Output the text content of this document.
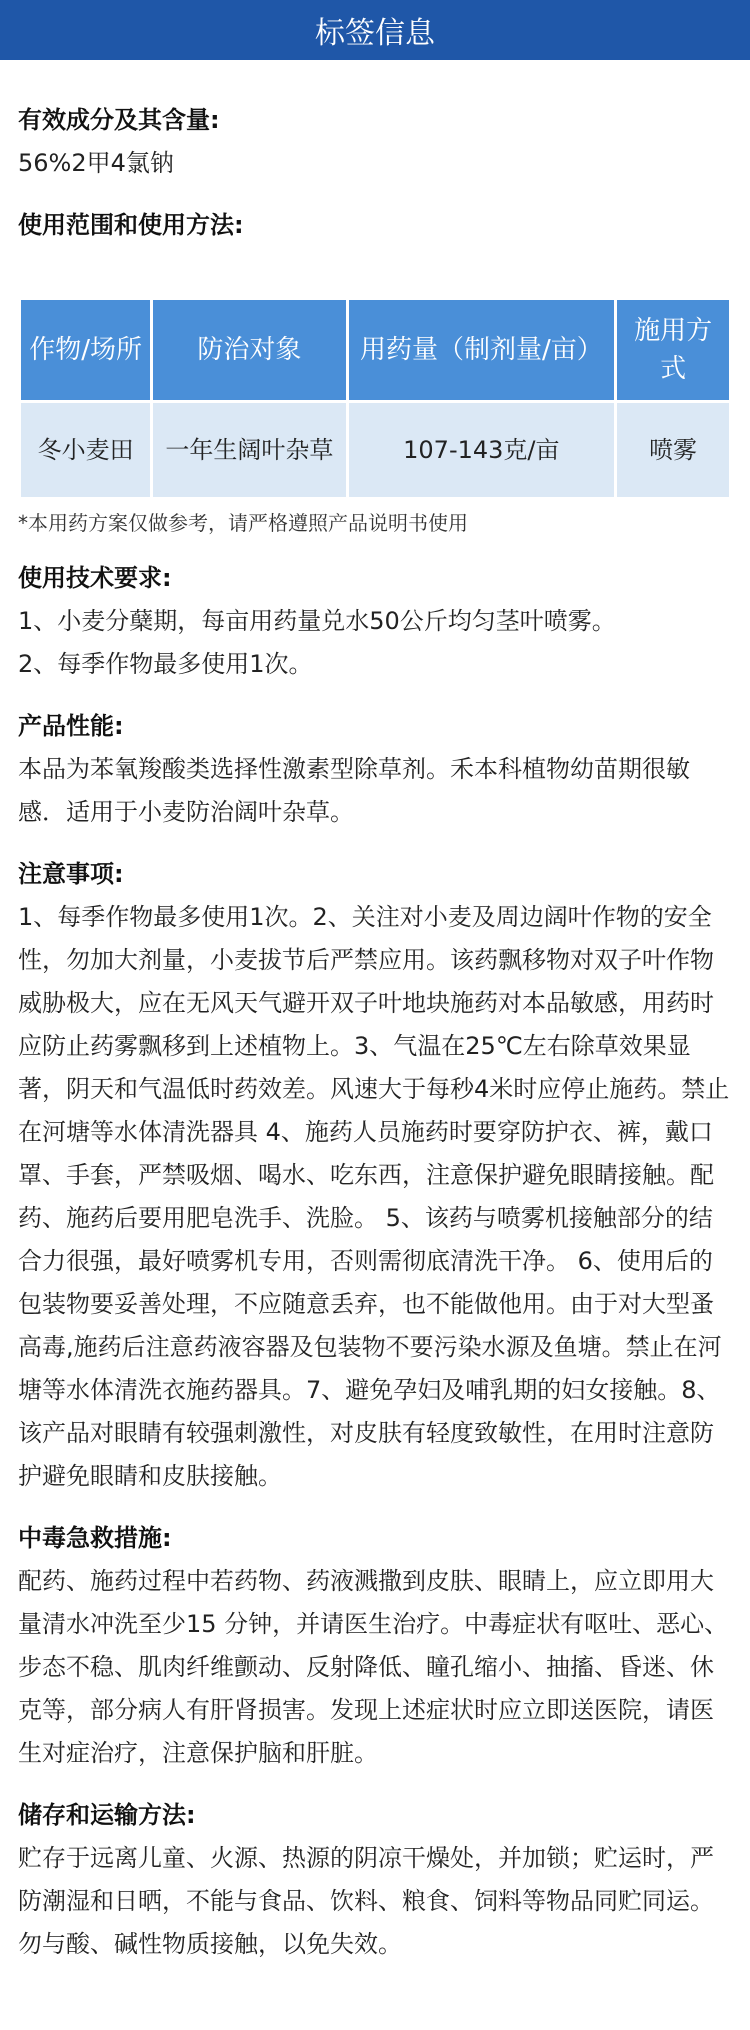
标签信息

有效成分及其含量:

56%2甲4氯钠

使用范围和使用方法:

作物/场所	防治对象	用药量（制剂量/亩）	施用方式
冬小麦田	一年生阔叶杂草	107-143克/亩	喷雾

*本用药方案仅做参考，请严格遵照产品说明书使用

使用技术要求:

1、小麦分蘖期，每亩用药量兑水50公斤均匀茎叶喷雾。

2、每季作物最多使用1次。

产品性能:

本品为苯氧羧酸类选择性激素型除草剂。禾本科植物幼苗期很敏感．适用于小麦防治阔叶杂草。

注意事项:

1、每季作物最多使用1次。2、关注对小麦及周边阔叶作物的安全性，勿加大剂量，小麦拔节后严禁应用。该药飘移物对双子叶作物威胁极大，应在无风天气避开双子叶地块施药对本品敏感，用药时应防止药雾飘移到上述植物上。3、气温在25℃左右除草效果显著，阴天和气温低时药效差。风速大于每秒4米时应停止施药。禁止在河塘等水体清洗器具 4、施药人员施药时要穿防护衣、裤，戴口罩、手套，严禁吸烟、喝水、吃东西，注意保护避免眼睛接触。配药、施药后要用肥皂洗手、洗脸。 5、该药与喷雾机接触部分的结合力很强，最好喷雾机专用，否则需彻底清洗干净。 6、使用后的包装物要妥善处理，不应随意丢弃，也不能做他用。由于对大型蚤高毒,施药后注意药液容器及包装物不要污染水源及鱼塘。禁止在河塘等水体清洗衣施药器具。7、避免孕妇及哺乳期的妇女接触。8、该产品对眼睛有较强刺激性，对皮肤有轻度致敏性，在用时注意防护避免眼睛和皮肤接触。

中毒急救措施:

配药、施药过程中若药物、药液溅撒到皮肤、眼睛上，应立即用大量清水冲洗至少15 分钟，并请医生治疗。中毒症状有呕吐、恶心、步态不稳、肌肉纤维颤动、反射降低、瞳孔缩小、抽搐、昏迷、休克等，部分病人有肝肾损害。发现上述症状时应立即送医院，请医生对症治疗，注意保护脑和肝脏。

储存和运输方法:

贮存于远离儿童、火源、热源的阴凉干燥处，并加锁；贮运时，严防潮湿和日晒，不能与食品、饮料、粮食、饲料等物品同贮同运。勿与酸、碱性物质接触，以免失效。
